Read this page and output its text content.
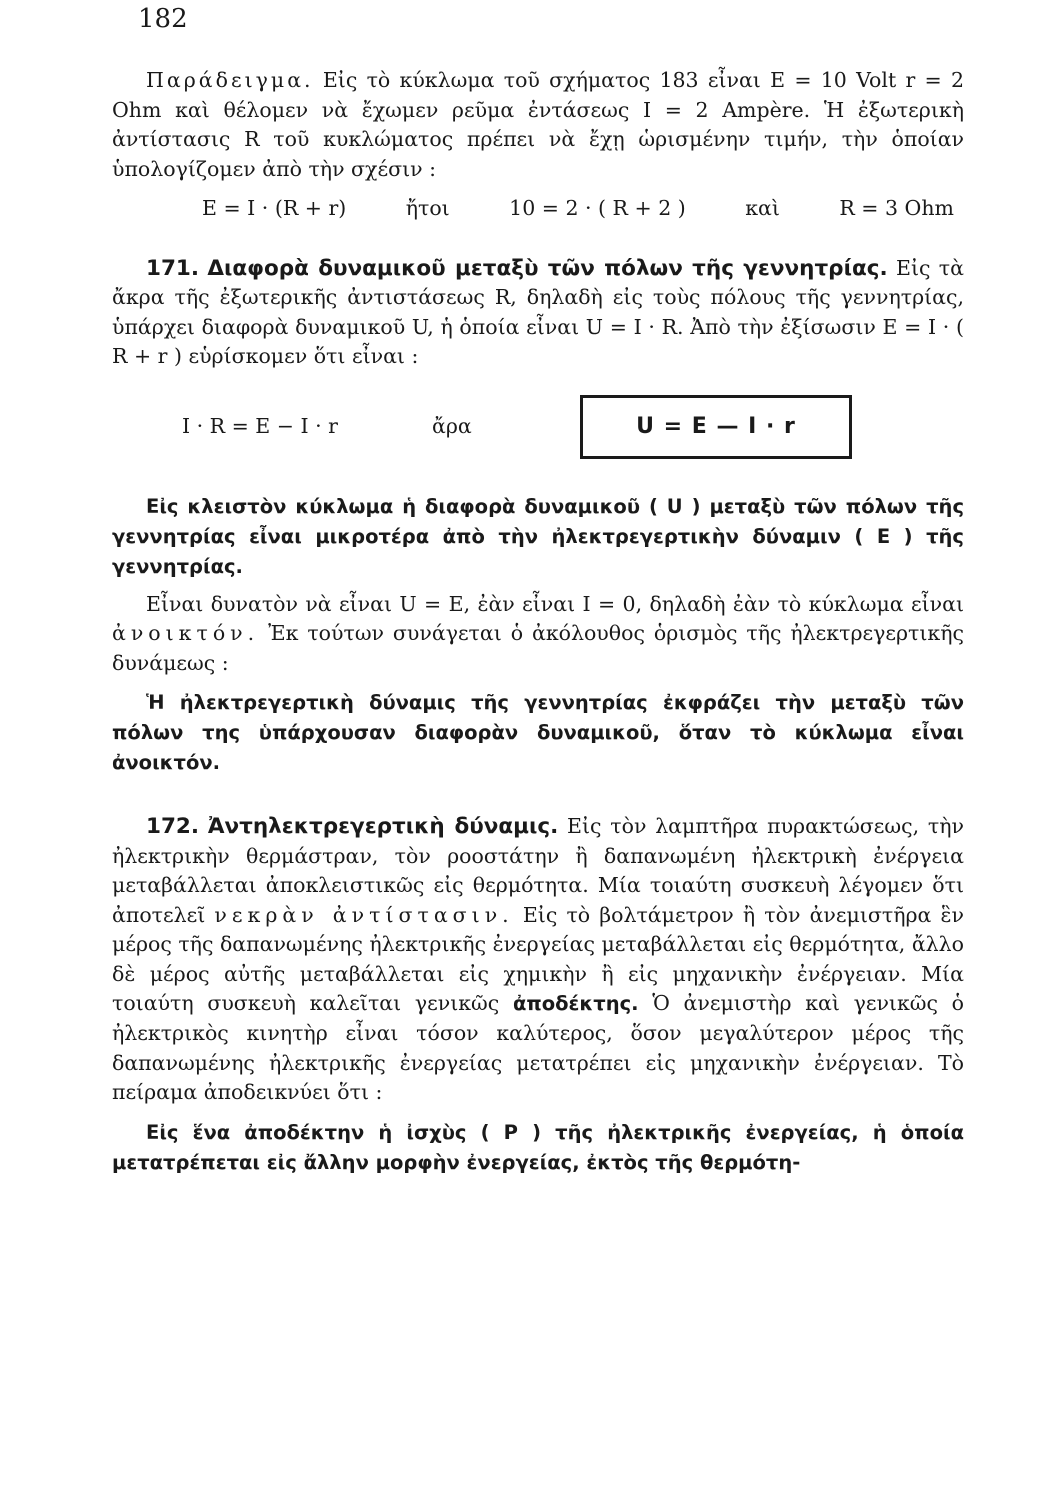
182

Παράδειγμα. Εἰς τὸ κύκλωμα τοῦ σχήματος 183 εἶναι E = 10 Volt r = 2 Ohm καὶ θέλομεν νὰ ἔχωμεν ρεῦμα ἐντάσεως I = 2 Ampère. Ἡ ἐξωτερικὴ ἀντίστασις R τοῦ κυκλώματος πρέπει νὰ ἔχῃ ὡρισμένην τιμήν, τὴν ὁποίαν ὑπολογίζομεν ἀπὸ τὴν σχέσιν :

E = I · (R + r)	ἤτοι	10 = 2 · ( R + 2 )	καὶ	R = 3 Ohm

171. Διαφορὰ δυναμικοῦ μεταξὺ τῶν πόλων τῆς γεννητρίας. Εἰς τὰ ἄκρα τῆς ἐξωτερικῆς ἀντιστάσεως R, δηλαδὴ εἰς τοὺς πόλους τῆς γεννητρίας, ὑπάρχει διαφορὰ δυναμικοῦ U, ἡ ὁποία εἶναι U = I · R. Ἀπὸ τὴν ἐξίσωσιν E = I · ( R + r ) εὑρίσκομεν ὅτι εἶναι :

I · R = E − I · r	ἄρα	U = E — I · r

Εἰς κλειστὸν κύκλωμα ἡ διαφορὰ δυναμικοῦ ( U ) μεταξὺ τῶν πόλων τῆς γεννητρίας εἶναι μικροτέρα ἀπὸ τὴν ἠλεκτρεγερτικὴν δύναμιν ( E ) τῆς γεννητρίας.

Εἶναι δυνατὸν νὰ εἶναι U = E, ἐὰν εἶναι I = 0, δηλαδὴ ἐὰν τὸ κύκλωμα εἶναι ἀνοικτόν. Ἐκ τούτων συνάγεται ὁ ἀκόλουθος ὁρισμὸς τῆς ἠλεκτρεγερτικῆς δυνάμεως :

Ἡ ἠλεκτρεγερτικὴ δύναμις τῆς γεννητρίας ἐκφράζει τὴν μεταξὺ τῶν πόλων της ὑπάρχουσαν διαφορὰν δυναμικοῦ, ὅταν τὸ κύκλωμα εἶναι ἀνοικτόν.

172. Ἀντηλεκτρεγερτικὴ δύναμις. Εἰς τὸν λαμπτῆρα πυρακτώσεως, τὴν ἠλεκτρικὴν θερμάστραν, τὸν ροοστάτην ἢ δαπανωμένη ἠλεκτρικὴ ἐνέργεια μεταβάλλεται ἀποκλειστικῶς εἰς θερμότητα. Μία τοιαύτη συσκευὴ λέγομεν ὅτι ἀποτελεῖ νεκρὰν ἀντίστασιν. Εἰς τὸ βολτάμετρον ἢ τὸν ἀνεμιστῆρα ἓν μέρος τῆς δαπανωμένης ἠλεκτρικῆς ἐνεργείας μεταβάλλεται εἰς θερμότητα, ἄλλο δὲ μέρος αὐτῆς μεταβάλλεται εἰς χημικὴν ἢ εἰς μηχανικὴν ἐνέργειαν. Μία τοιαύτη συσκευὴ καλεῖται γενικῶς ἀποδέκτης. Ὁ ἀνεμιστὴρ καὶ γενικῶς ὁ ἠλεκτρικὸς κινητὴρ εἶναι τόσον καλύτερος, ὅσον μεγαλύτερον μέρος τῆς δαπανωμένης ἠλεκτρικῆς ἐνεργείας μετατρέπει εἰς μηχανικὴν ἐνέργειαν. Τὸ πείραμα ἀποδεικνύει ὅτι :

Εἰς ἕνα ἀποδέκτην ἡ ἰσχὺς ( P ) τῆς ἠλεκτρικῆς ἐνεργείας, ἡ ὁποία μετατρέπεται εἰς ἄλλην μορφὴν ἐνεργείας, ἐκτὸς τῆς θερμότη-
